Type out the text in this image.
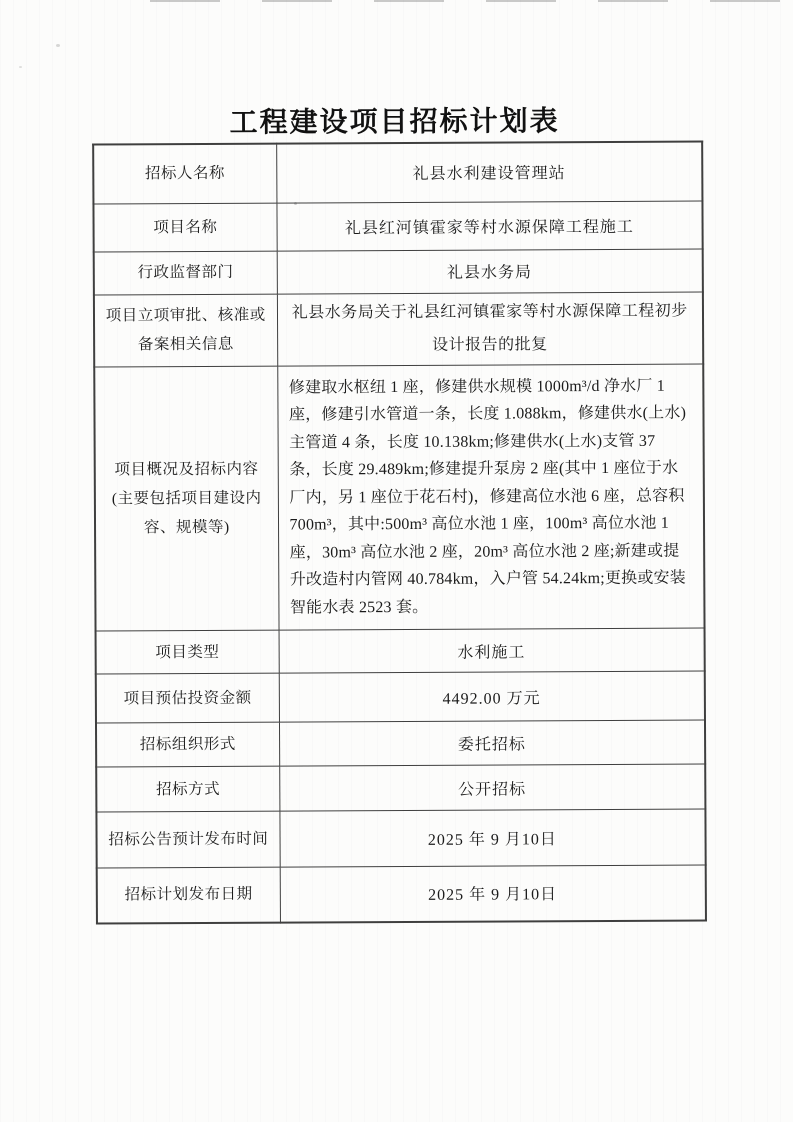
工程建设项目招标计划表
招标人名称	礼县水利建设管理站
项目名称	礼县红河镇霍家等村水源保障工程施工
行政监督部门	礼县水务局
项目立项审批、核准或备案相关信息	礼县水务局关于礼县红河镇霍家等村水源保障工程初步设计报告的批复
项目概况及招标内容(主要包括项目建设内容、规模等)	修建取水枢纽 1 座，修建供水规模 1000m³/d 净水厂 1 座，修建引水管道一条，长度 1.088km，修建供水(上水)主管道 4 条，长度 10.138km;修建供水(上水)支管 37 条，长度 29.489km;修建提升泵房 2 座(其中 1 座位于水厂内，另 1 座位于花石村)，修建高位水池 6 座，总容积 700m³，其中:500m³ 高位水池 1 座，100m³ 高位水池 1 座，30m³ 高位水池 2 座，20m³ 高位水池 2 座;新建或提升改造村内管网 40.784km，入户管 54.24km;更换或安装智能水表 2523 套。
项目类型	水利施工
项目预估投资金额	4492.00 万元
招标组织形式	委托招标
招标方式	公开招标
招标公告预计发布时间	2025 年 9 月10日
招标计划发布日期	2025 年 9 月10日
